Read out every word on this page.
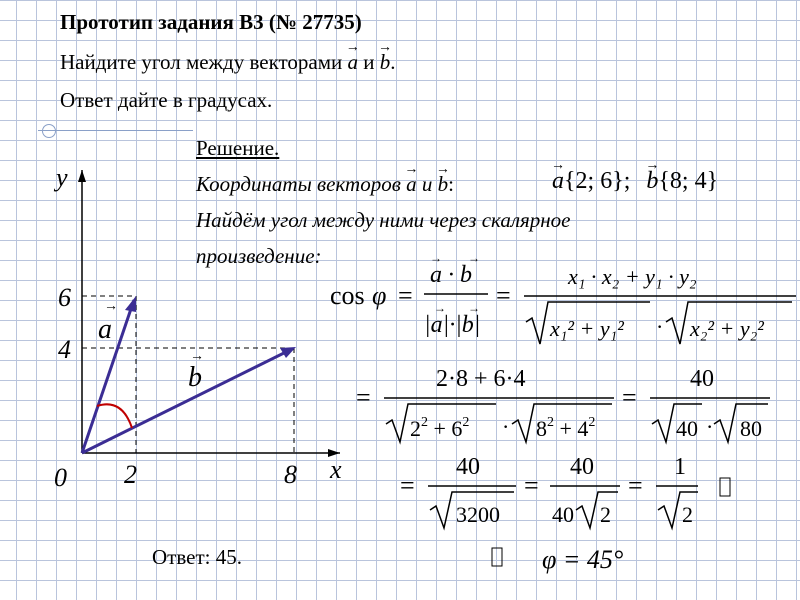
Прототип задания B3 (№ 27735)
Найдите угол между векторами → a и → b.
Ответ дайте в градусах.
Решение.
Координаты векторов → a и → b:	→ a{2; 6}; → b{8; 4}
Найдём угол между ними через скалярное
произведение:
y
x
0 2	8
6
4
a
→
b
→
cos φ =
a · b
→ →
|a|·|b|
→ → =
x₁ · x₂ + y₁ · y₂
x₁² + y₁² · x₂² + y₂²
=
2·8 + 6·4
$2^2 + 6^2 \cdot 8^2 + 4^2$
=
40
40 · 80
=
40
3200
=
40
40 2
=
1
2
Ответ: 45.	φ = 45°
